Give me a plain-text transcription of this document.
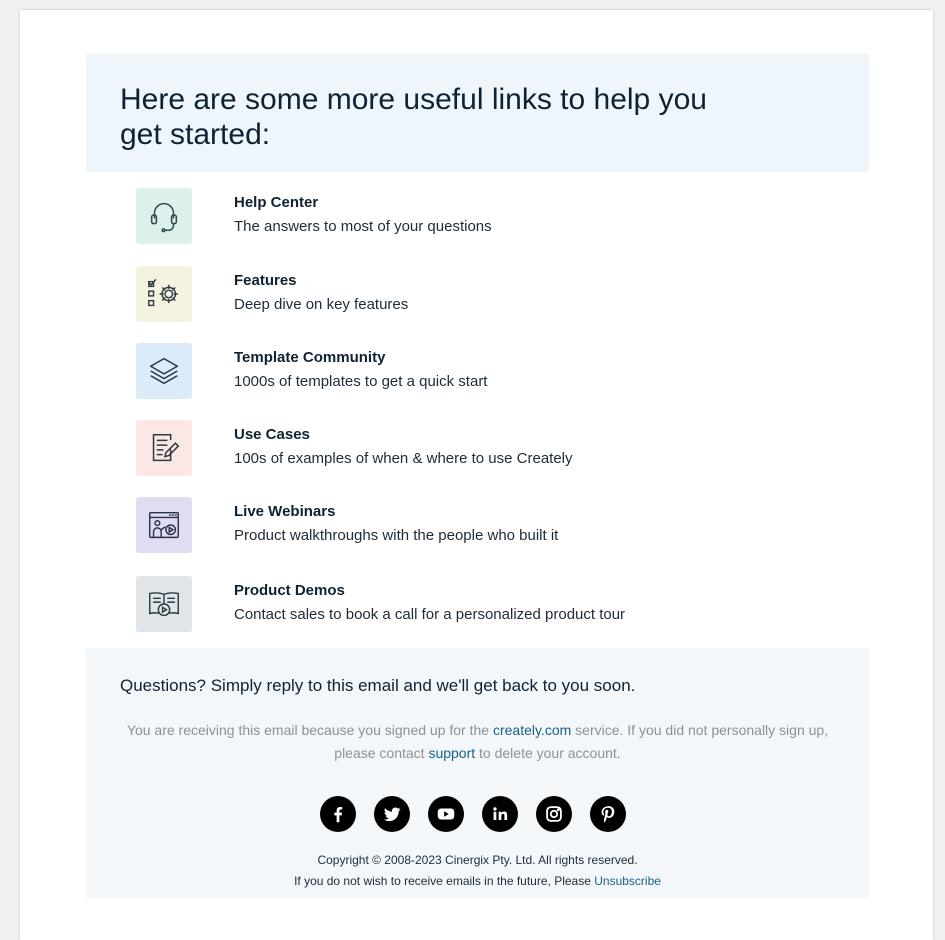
Here are some more useful links to help you get started:
Help Center
The answers to most of your questions
Features
Deep dive on key features
Template Community
1000s of templates to get a quick start
Use Cases
100s of examples of when & where to use Creately
Live Webinars
Product walkthroughs with the people who built it
Product Demos
Contact sales to book a call for a personalized product tour
Questions? Simply reply to this email and we'll get back to you soon.
You are receiving this email because you signed up for the creately.com service. If you did not personally sign up, please contact support to delete your account.
Copyright © 2008-2023 Cinergix Pty. Ltd. All rights reserved.
If you do not wish to receive emails in the future, Please Unsubscribe
